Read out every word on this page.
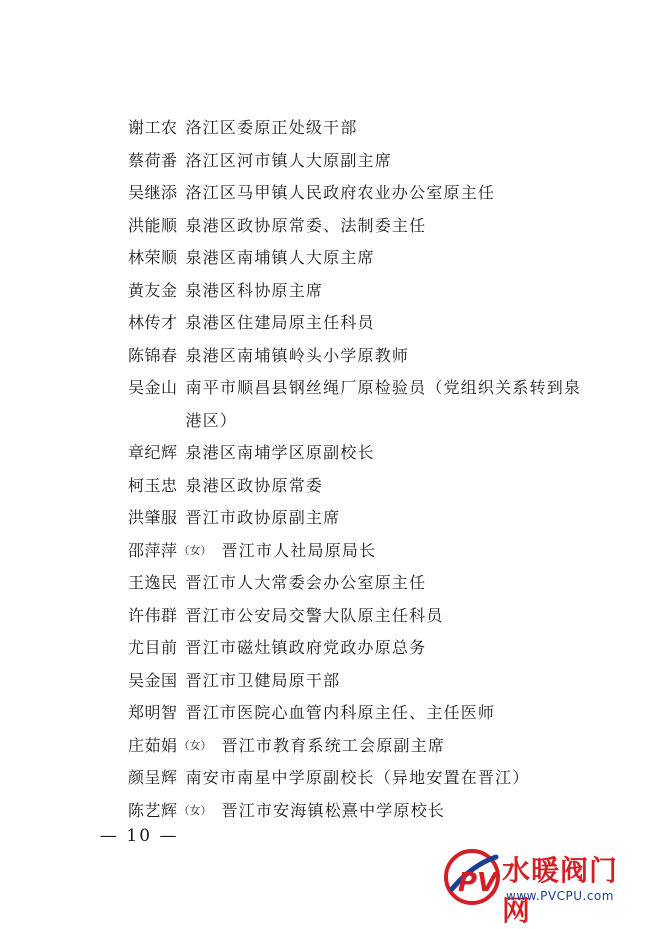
谢工农 洛江区委原正处级干部
蔡荷番 洛江区河市镇人大原副主席
吴继添 洛江区马甲镇人民政府农业办公室原主任
洪能顺 泉港区政协原常委、法制委主任
林荣顺 泉港区南埔镇人大原主席
黄友金 泉港区科协原主席
林传才 泉港区住建局原主任科员
陈锦春 泉港区南埔镇岭头小学原教师
吴金山 南平市顺昌县钢丝绳厂原检验员（党组织关系转到泉港区）
章纪辉 泉港区南埔学区原副校长
柯玉忠 泉港区政协原常委
洪肇服 晋江市政协原副主席
邵萍萍 （女） 晋江市人社局原局长
王逸民 晋江市人大常委会办公室原主任
许伟群 晋江市公安局交警大队原主任科员
尤目前 晋江市磁灶镇政府党政办原总务
吴金国 晋江市卫健局原干部
郑明智 晋江市医院心血管内科原主任、主任医师
庄茹娟 （女） 晋江市教育系统工会原副主席
颜呈辉 南安市南星中学原副校长（异地安置在晋江）
陈艺辉 （女） 晋江市安海镇松熹中学原校长
— 10 —
PV 水暖阀门网
www.PVCPU.com
